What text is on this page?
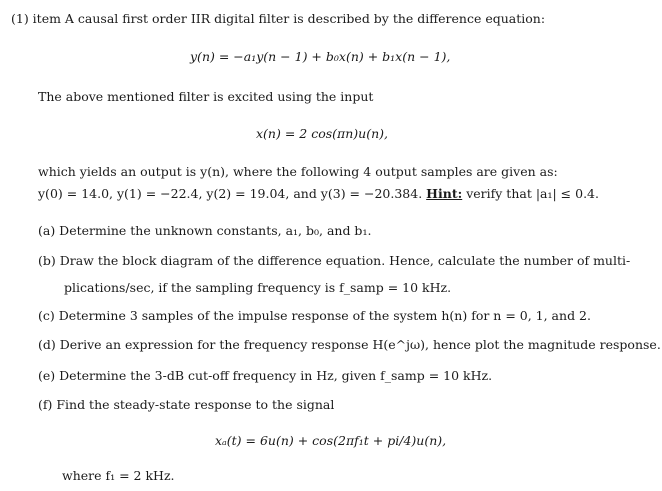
(1) item A causal first order IIR digital filter is described by the difference equation:
y(n) = −a₁y(n − 1) + b₀x(n) + b₁x(n − 1),
The above mentioned filter is excited using the input
x(n) = 2 cos(πn)u(n),
which yields an output is y(n), where the following 4 output samples are given as:
y(0) = 14.0, y(1) = −22.4, y(2) = 19.04, and y(3) = −20.384. Hint: verify that |a₁| ≤ 0.4.
(a) Determine the unknown constants, a₁, b₀, and b₁.
(b) Draw the block diagram of the difference equation. Hence, calculate the number of multi-
plications/sec, if the sampling frequency is f_samp = 10 kHz.
(c) Determine 3 samples of the impulse response of the system h(n) for n = 0, 1, and 2.
(d) Derive an expression for the frequency response H(e^jω), hence plot the magnitude response.
(e) Determine the 3-dB cut-off frequency in Hz, given f_samp = 10 kHz.
(f) Find the steady-state response to the signal
xₐ(t) = 6u(n) + cos(2πf₁t + pi/4)u(n),
where f₁ = 2 kHz.
